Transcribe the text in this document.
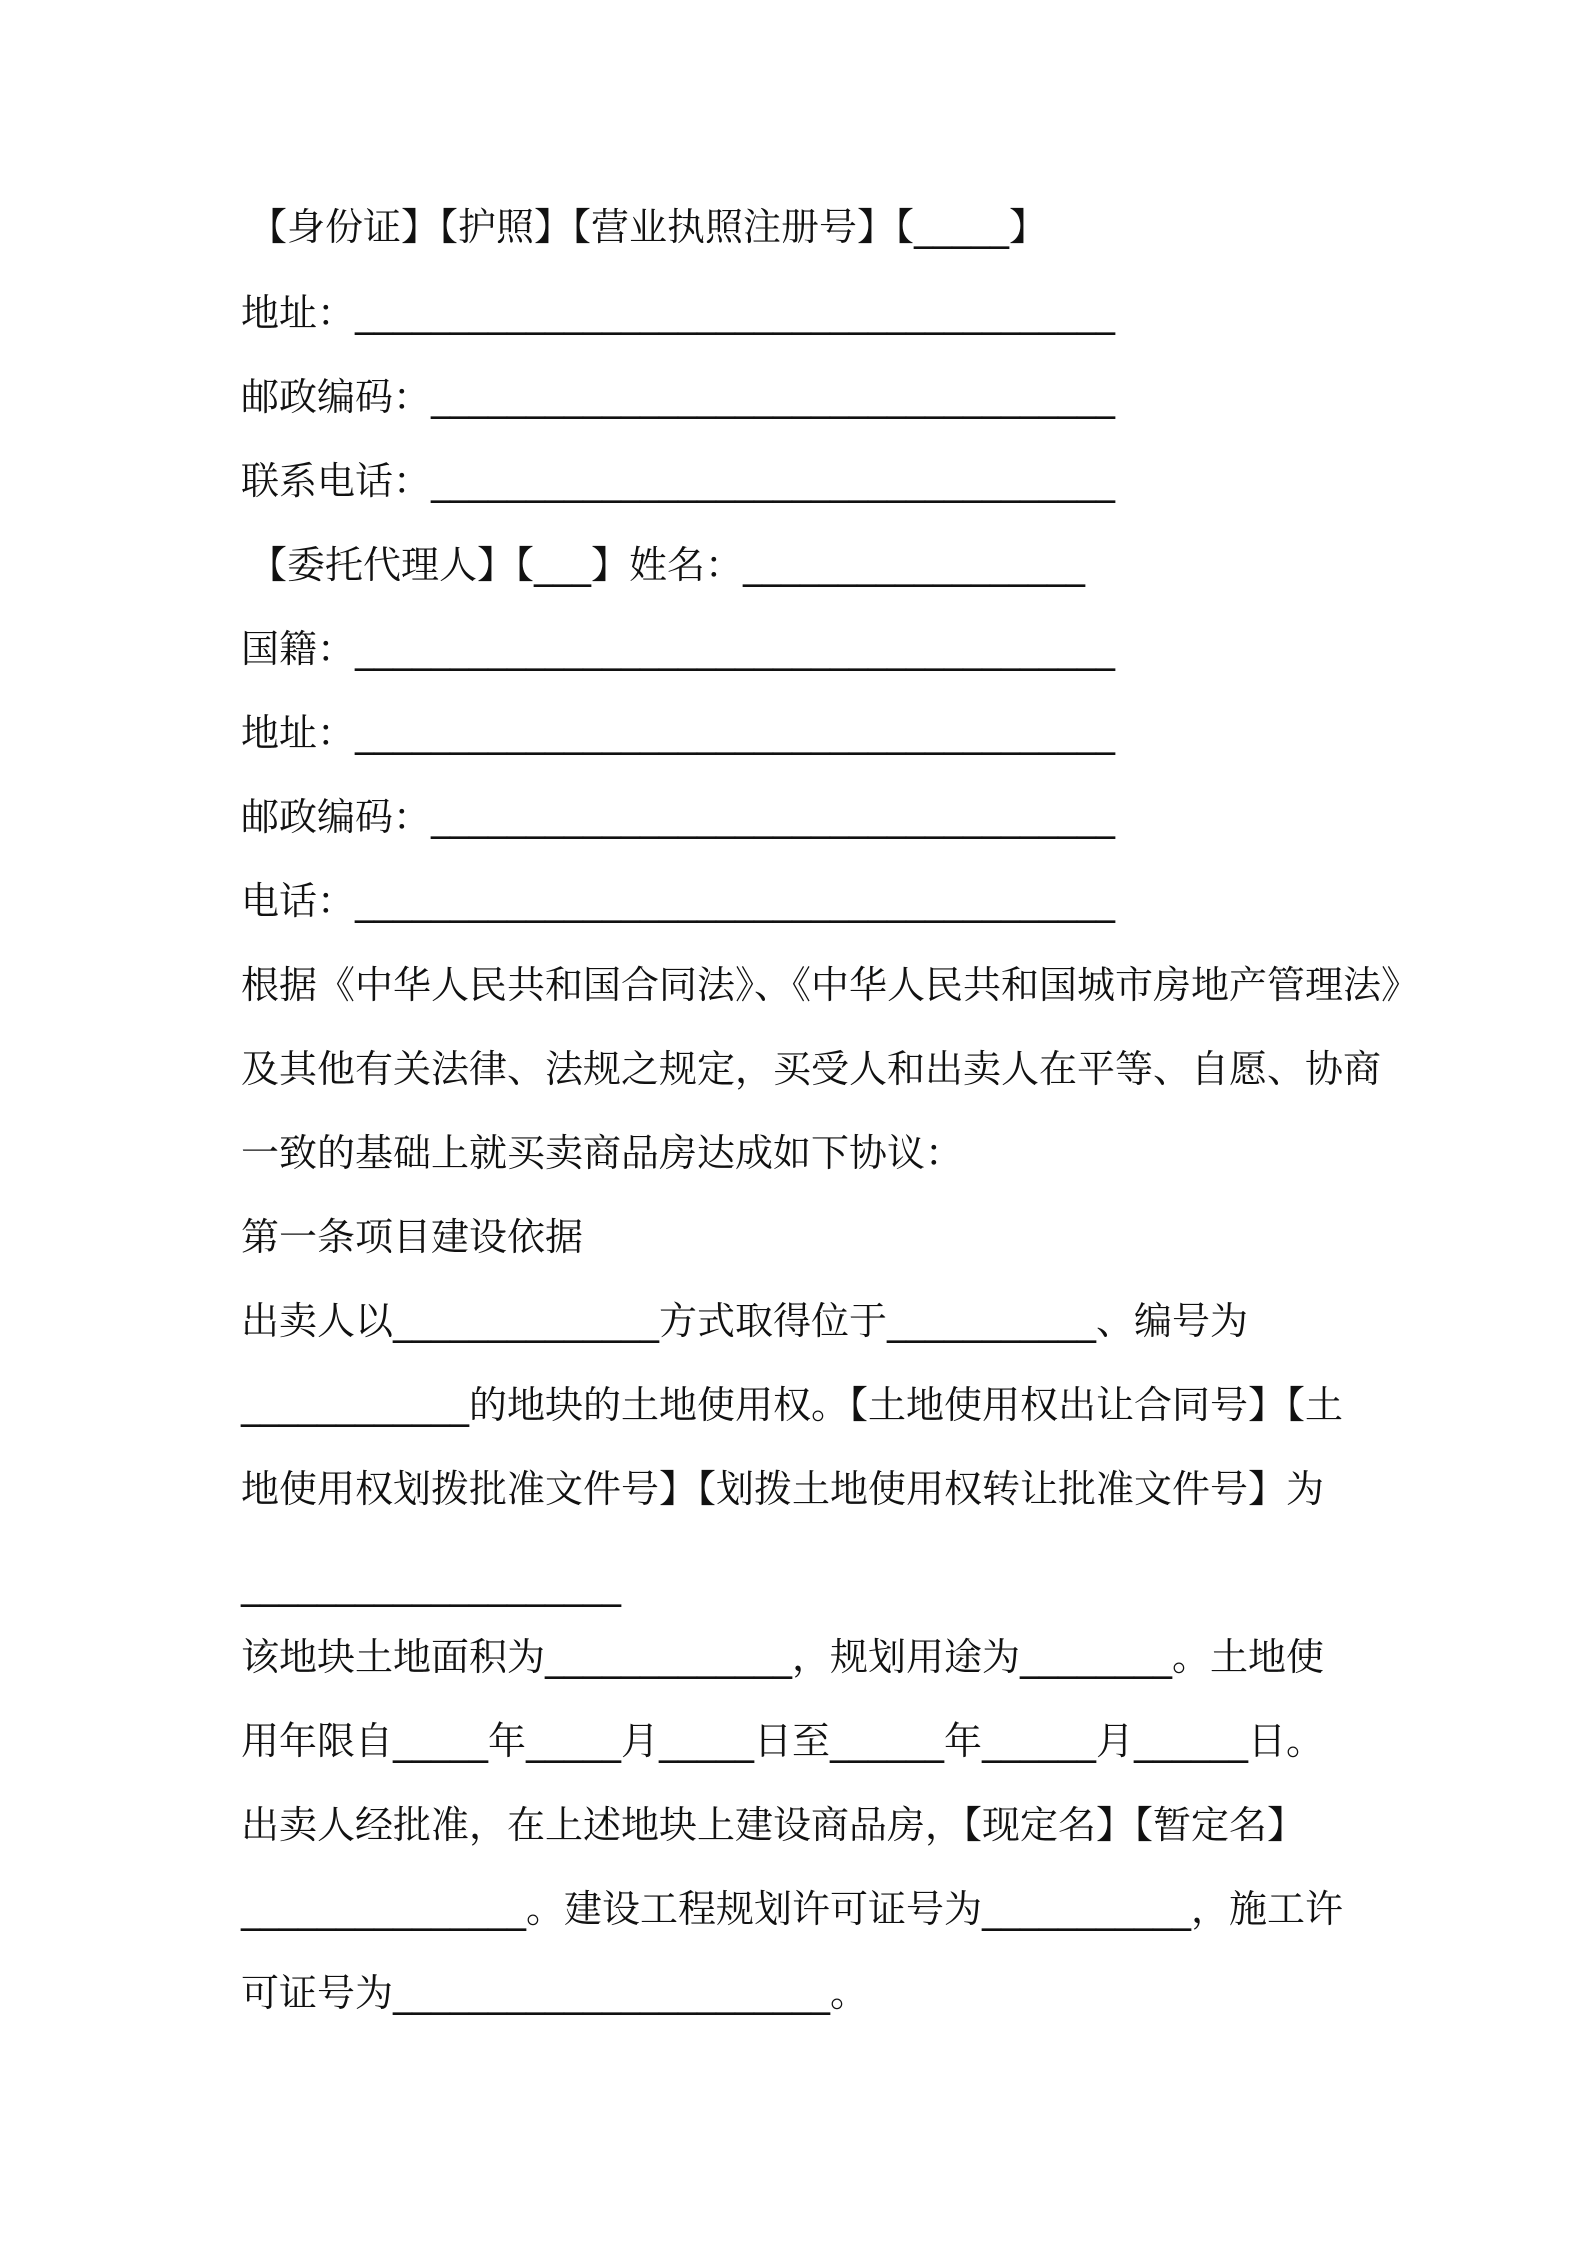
【身份证】【护照】【营业执照注册号】【_____】
地址：________________________________________
邮政编码：____________________________________
联系电话：____________________________________
【委托代理人】【___】姓名：__________________
国籍：________________________________________
地址：________________________________________
邮政编码：____________________________________
电话：________________________________________
根据《中华人民共和国合同法》、《中华人民共和国城市房地产管理法》
及其他有关法律、法规之规定，买受人和出卖人在平等、自愿、协商
一致的基础上就买卖商品房达成如下协议：
第一条项目建设依据
出卖人以______________方式取得位于___________、编号为
____________的地块的土地使用权。【土地使用权出让合同号】【土
地使用权划拨批准文件号】【划拨土地使用权转让批准文件号】为
____________________
该地块土地面积为_____________，规划用途为________。土地使
用年限自_____年_____月_____日至______年______月______日。
出卖人经批准，在上述地块上建设商品房，【现定名】【暂定名】
_______________。建设工程规划许可证号为___________，施工许
可证号为_______________________。
